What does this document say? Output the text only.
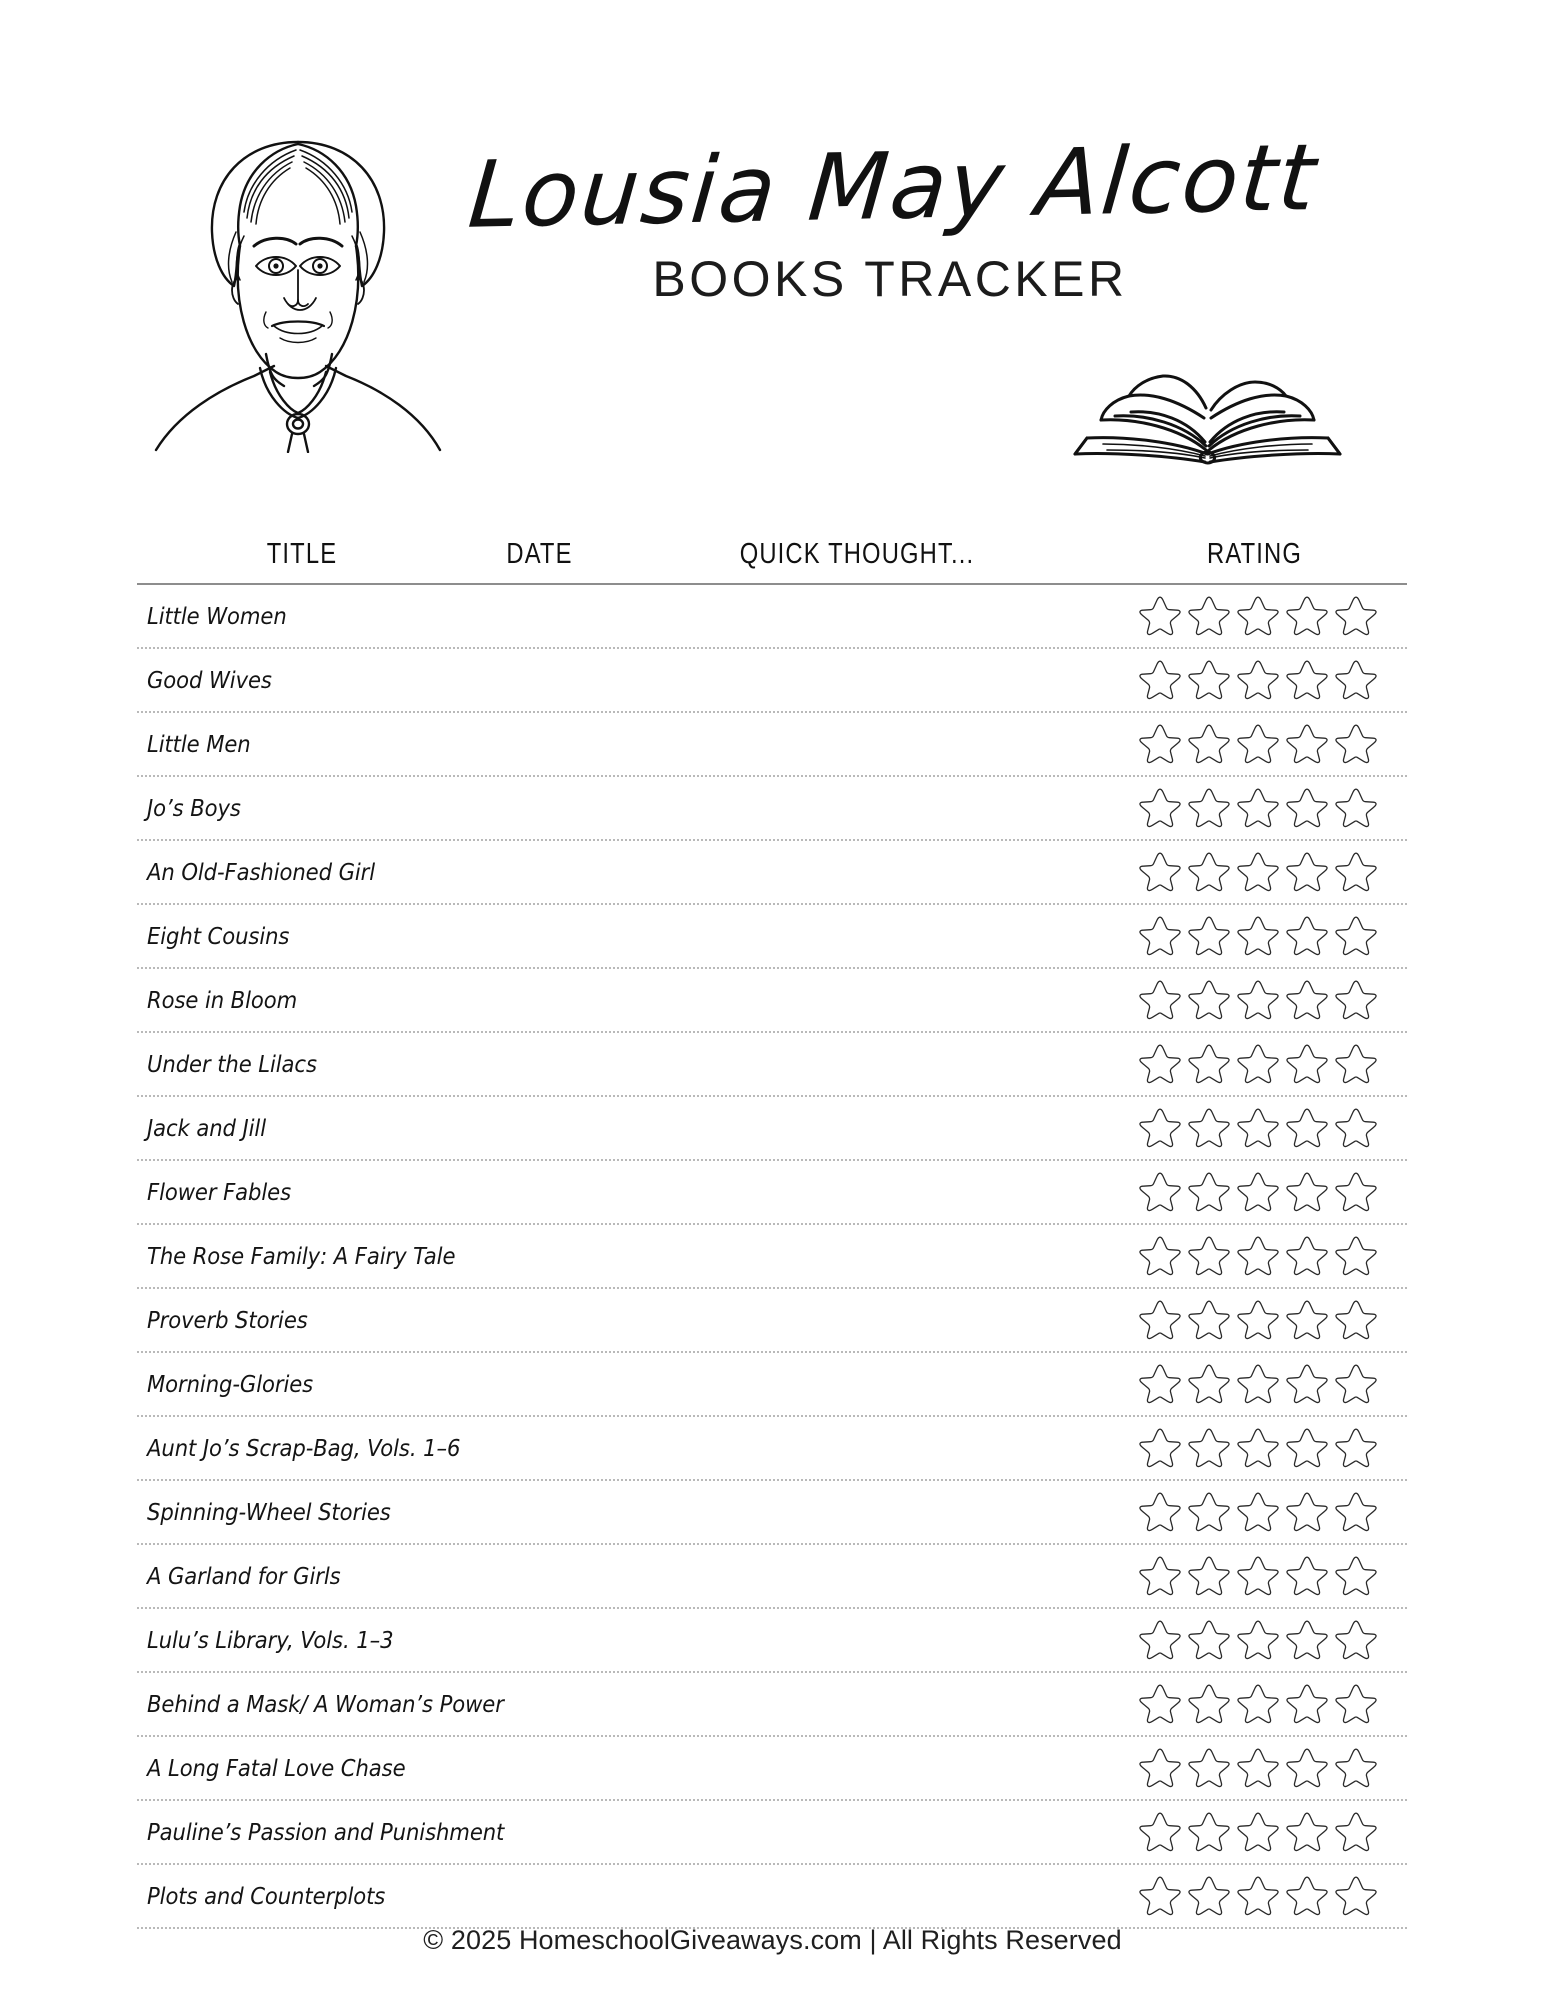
Lousia May Alcott
BOOKS TRACKER
TITLE	DATE	QUICK THOUGHT...	RATING
Little Women
Good Wives
Little Men
Jo’s Boys
An Old-Fashioned Girl
Eight Cousins
Rose in Bloom
Under the Lilacs
Jack and Jill
Flower Fables
The Rose Family: A Fairy Tale
Proverb Stories
Morning-Glories
Aunt Jo’s Scrap-Bag, Vols. 1–6
Spinning-Wheel Stories
A Garland for Girls
Lulu’s Library, Vols. 1–3
Behind a Mask/ A Woman’s Power
A Long Fatal Love Chase
Pauline’s Passion and Punishment
Plots and Counterplots
© 2025 HomeschoolGiveaways.com | All Rights Reserved
